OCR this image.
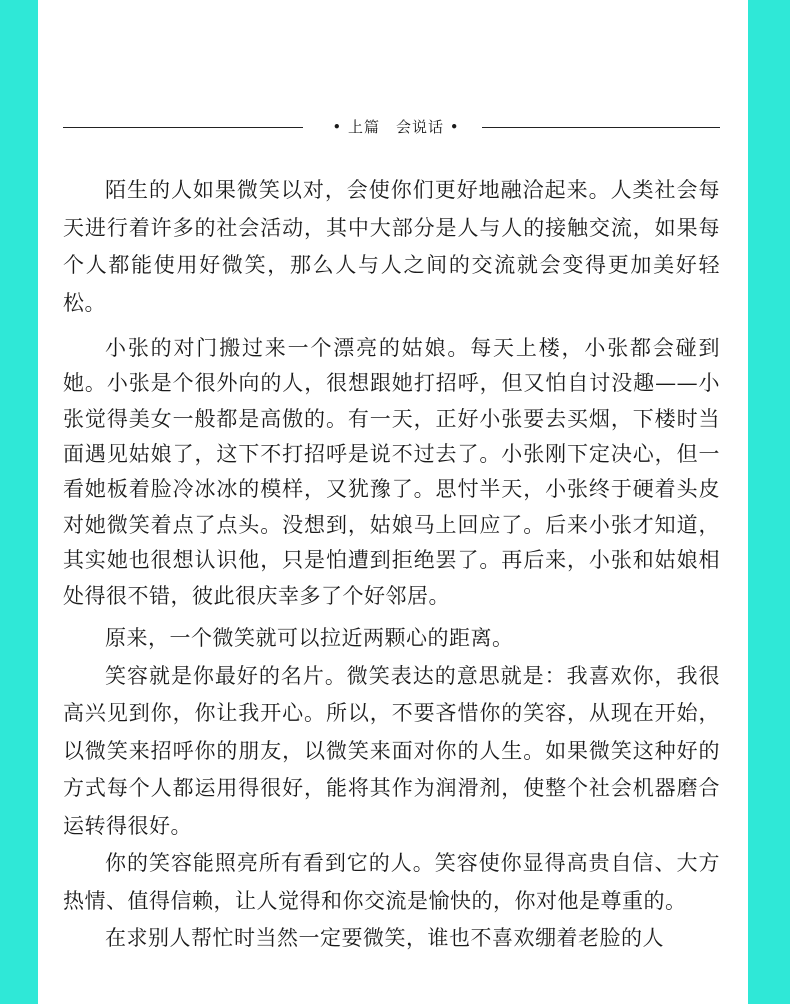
• 上篇　会说话 •

陌生的人如果微笑以对，会使你们更好地融洽起来。人类社会每天进行着许多的社会活动，其中大部分是人与人的接触交流，如果每个人都能使用好微笑，那么人与人之间的交流就会变得更加美好轻松。

小张的对门搬过来一个漂亮的姑娘。每天上楼，小张都会碰到她。小张是个很外向的人，很想跟她打招呼，但又怕自讨没趣——小张觉得美女一般都是高傲的。有一天，正好小张要去买烟，下楼时当面遇见姑娘了，这下不打招呼是说不过去了。小张刚下定决心，但一看她板着脸冷冰冰的模样，又犹豫了。思忖半天，小张终于硬着头皮对她微笑着点了点头。没想到，姑娘马上回应了。后来小张才知道，其实她也很想认识他，只是怕遭到拒绝罢了。再后来，小张和姑娘相处得很不错，彼此很庆幸多了个好邻居。

原来，一个微笑就可以拉近两颗心的距离。

笑容就是你最好的名片。微笑表达的意思就是：我喜欢你，我很高兴见到你，你让我开心。所以，不要吝惜你的笑容，从现在开始，以微笑来招呼你的朋友，以微笑来面对你的人生。如果微笑这种好的方式每个人都运用得很好，能将其作为润滑剂，使整个社会机器磨合运转得很好。

你的笑容能照亮所有看到它的人。笑容使你显得高贵自信、大方热情、值得信赖，让人觉得和你交流是愉快的，你对他是尊重的。

在求别人帮忙时当然一定要微笑，谁也不喜欢绷着老脸的人
